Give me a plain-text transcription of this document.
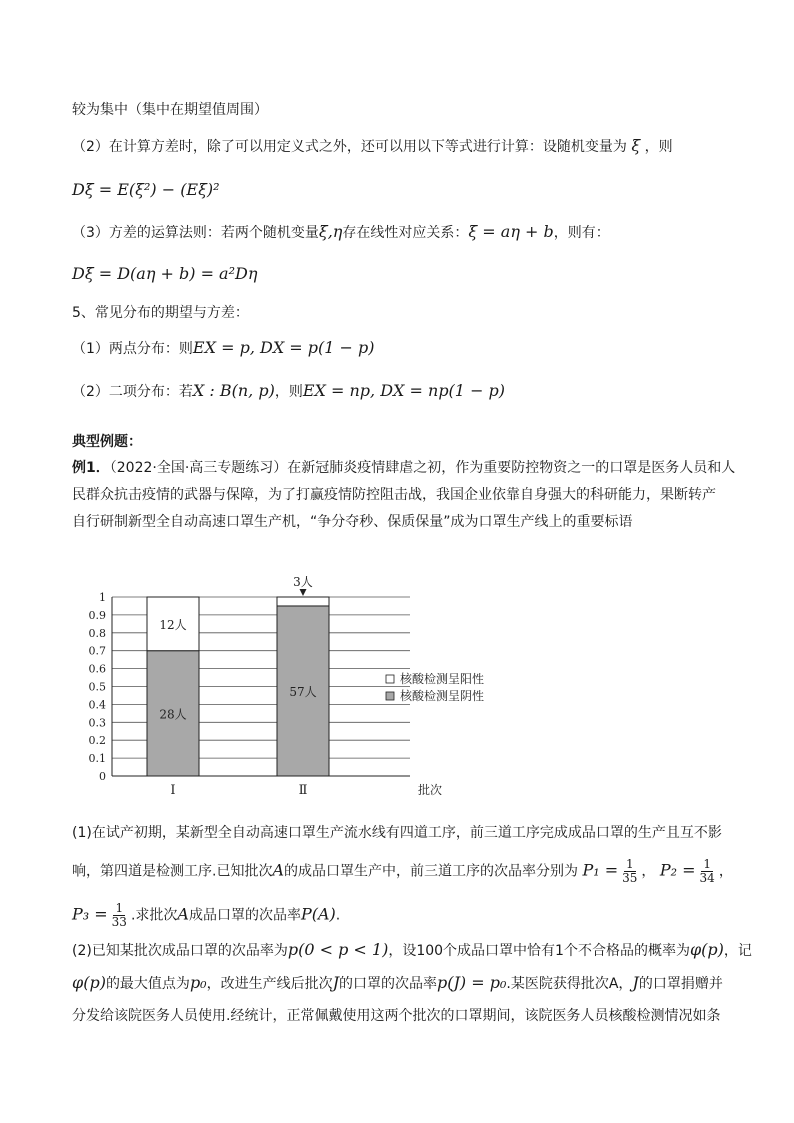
较为集中（集中在期望值周围）
（2）在计算方差时，除了可以用定义式之外，还可以用以下等式进行计算：设随机变量为 ξ ，则
Dξ = E(ξ²) − (Eξ)²
（3）方差的运算法则：若两个随机变量ξ,η存在线性对应关系：ξ = aη + b，则有：
Dξ = D(aη + b) = a²Dη
5、常见分布的期望与方差：
（1）两点分布：则EX = p, DX = p(1 − p)
（2）二项分布：若X : B(n, p)，则EX = np, DX = np(1 − p)
典型例题：
例1．（2022·全国·高三专题练习）在新冠肺炎疫情肆虐之初，作为重要防控物资之一的口罩是医务人员和人
民群众抗击疫情的武器与保障，为了打赢疫情防控阻击战，我国企业依靠自身强大的科研能力，果断转产
自行研制新型全自动高速口罩生产机，“争分夺秒、保质保量”成为口罩生产线上的重要标语
0
0.1
0.2
0.3
0.4
0.5
0.6
0.7
0.8
0.9
1
28人
12人
Ⅰ
57人
3人
Ⅱ	批次
核酸检测呈阳性
核酸检测呈阴性
(1)在试产初期，某新型全自动高速口罩生产流水线有四道工序，前三道工序完成成品口罩的生产且互不影
响，第四道是检测工序.已知批次A的成品口罩生产中，前三道工序的次品率分别为 $P_1 = \frac{1}{35}$ ， $P_2 = \frac{1}{34}$ ，
$P_3 = \frac{1}{33}$ .求批次A成品口罩的次品率P(A).
(2)已知某批次成品口罩的次品率为p(0 < p < 1)，设100个成品口罩中恰有1个不合格品的概率为φ(p)，记
φ(p)的最大值点为p₀，改进生产线后批次J的口罩的次品率p(J) = p₀.某医院获得批次A，J的口罩捐赠并
分发给该院医务人员使用.经统计，正常佩戴使用这两个批次的口罩期间，该院医务人员核酸检测情况如条
